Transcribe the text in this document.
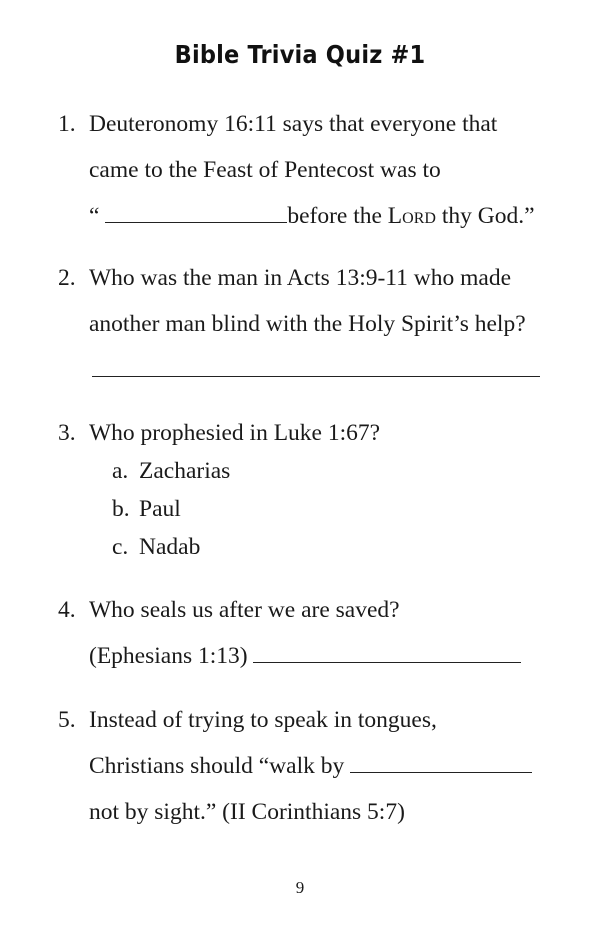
Bible Trivia Quiz #1
1. Deuteronomy 16:11 says that everyone that
came to the Feast of Pentecost was to
“	before the Lord thy God.”
2. Who was the man in Acts 13:9-11 who made
another man blind with the Holy Spirit’s help?
3. Who prophesied in Luke 1:67?
a. Zacharias
b. Paul
c. Nadab
4. Who seals us after we are saved?
(Ephesians 1:13)
5. Instead of trying to speak in tongues,
Christians should “walk by
not by sight.” (II Corinthians 5:7)
9
